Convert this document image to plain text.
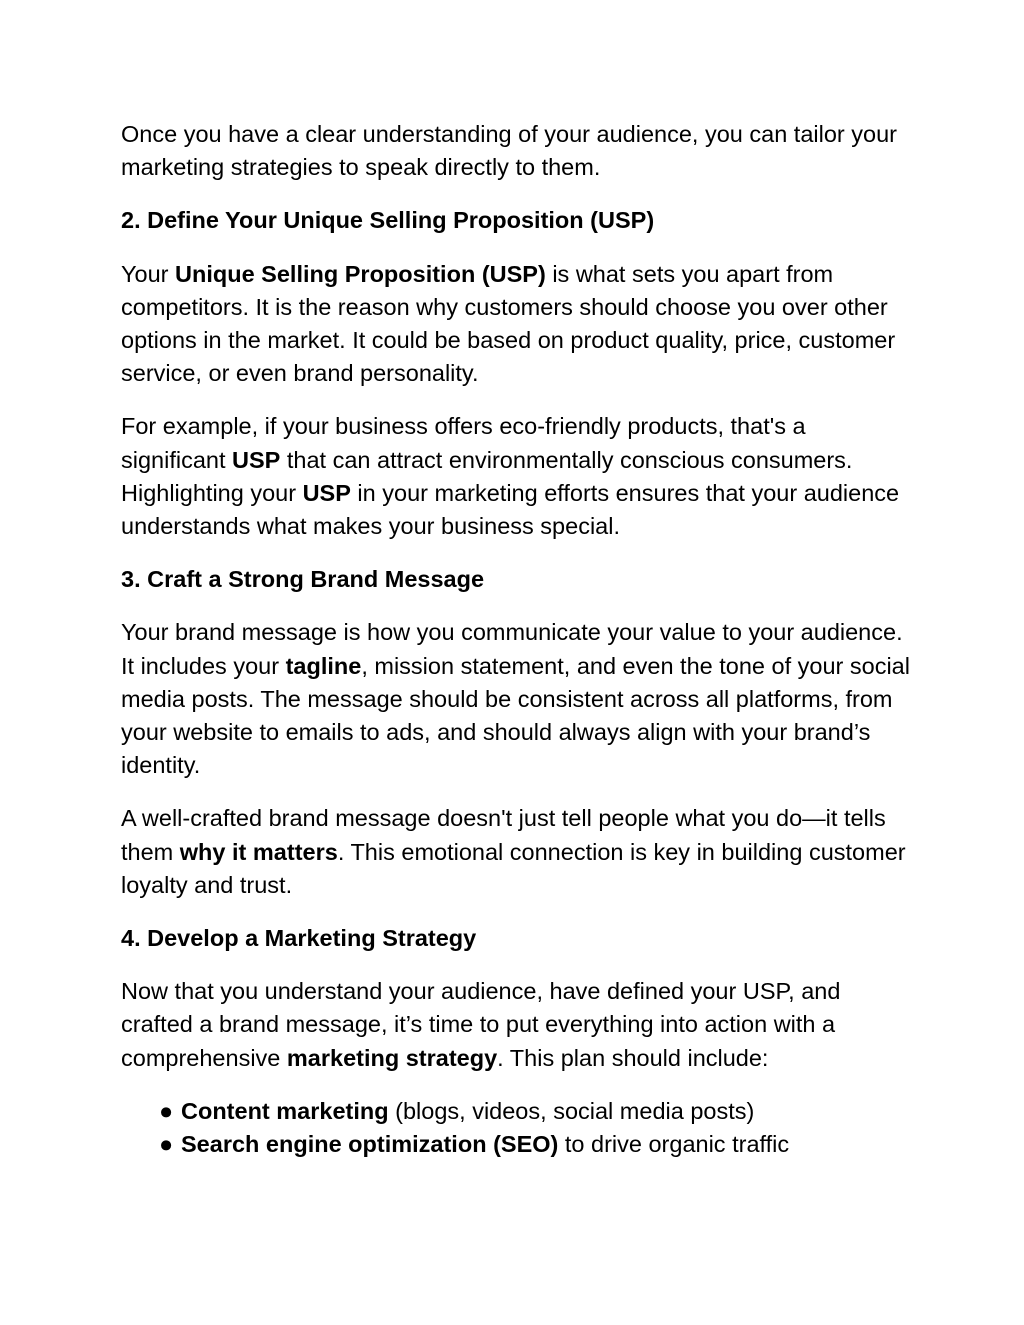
Once you have a clear understanding of your audience, you can tailor your marketing strategies to speak directly to them.

2. Define Your Unique Selling Proposition (USP)

Your Unique Selling Proposition (USP) is what sets you apart from competitors. It is the reason why customers should choose you over other options in the market. It could be based on product quality, price, customer service, or even brand personality.

For example, if your business offers eco-friendly products, that's a significant USP that can attract environmentally conscious consumers. Highlighting your USP in your marketing efforts ensures that your audience understands what makes your business special.

3. Craft a Strong Brand Message

Your brand message is how you communicate your value to your audience. It includes your tagline, mission statement, and even the tone of your social media posts. The message should be consistent across all platforms, from your website to emails to ads, and should always align with your brand’s identity.

A well-crafted brand message doesn't just tell people what you do—it tells them why it matters. This emotional connection is key in building customer loyalty and trust.

4. Develop a Marketing Strategy

Now that you understand your audience, have defined your USP, and crafted a brand message, it’s time to put everything into action with a comprehensive marketing strategy. This plan should include:

● Content marketing (blogs, videos, social media posts)
● Search engine optimization (SEO) to drive organic traffic
